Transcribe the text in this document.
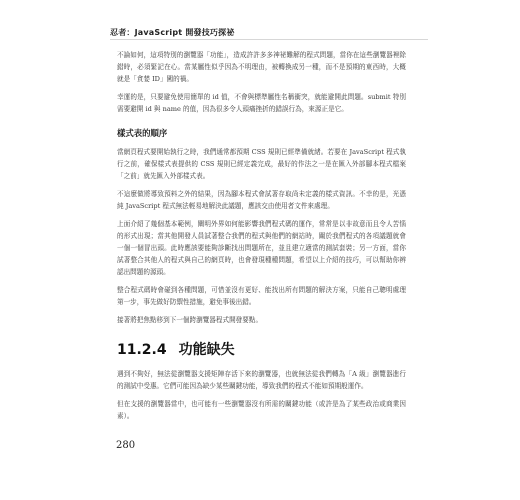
忍者：JavaScript 開發技巧探祕

不論如何，這項特別的瀏覽器「功能」，造成許許多多神祕難解的程式問題，當你在這些瀏覽器裡除錯時，必須緊記在心。當某屬性似乎因為不明理由，被轉換成另一種，而不是預期的東西時，大概就是「貪婪 ID」闖的禍。

幸運的是，只要避免使用簡單的 id 值，不會與標準屬性名稱衝突，就能避開此問題。submit 特別需要避開 id 與 name 的值，因為很多令人頭痛挫折的錯誤行為，來源正是它。

樣式表的順序

當網頁程式要開始執行之時，我們通常都預期 CSS 規則已經準備就緒。若要在 JavaScript 程式執行之前，確保樣式表提供的 CSS 規則已經定義完成，最好的作法之一是在匯入外部腳本程式檔案「之前」就先匯入外部樣式表。

不這麼做將導致預料之外的結果，因為腳本程式會試著存取尚未定義的樣式資訊。不幸的是，光憑純 JavaScript 程式無法輕易地解決此議題，應該交由使用者文件來處理。

上面介紹了幾個基本範例，闡明外界如何能影響我們程式碼的運作，常常是以非故意而且令人苦惱的形式出現；當其他開發人員試著整合我們的程式與他們的網站時，關於我們程式的各項議題就會一個一個冒出頭。此時應該要能夠診斷找出問題所在，並且建立適當的測試套裝；另一方面，當你試著整合其他人的程式與自己的網頁時，也會發現種種問題，希望以上介紹的技巧，可以幫助你辨認出問題的源頭。

整合程式碼時會碰到各種問題，可惜並沒有更好、能找出所有問題的解決方案，只能自己聰明處理第一步，事先做好防禦性措施，避免事後出錯。

接著將把焦點移到下一個跨瀏覽器程式開發要點。

11.2.4 功能缺失

遇到不夠好，無法從瀏覽器支援矩陣存活下來的瀏覽器，也就無法從我們轉為「A 級」瀏覽器進行的測試中受惠。它們可能因為缺少某些關鍵功能，導致我們的程式不能如預期般運作。

但在支援的瀏覽器當中，也可能有一些瀏覽器沒有所需的關鍵功能（或許是為了某些政治或商業因素）。

280
